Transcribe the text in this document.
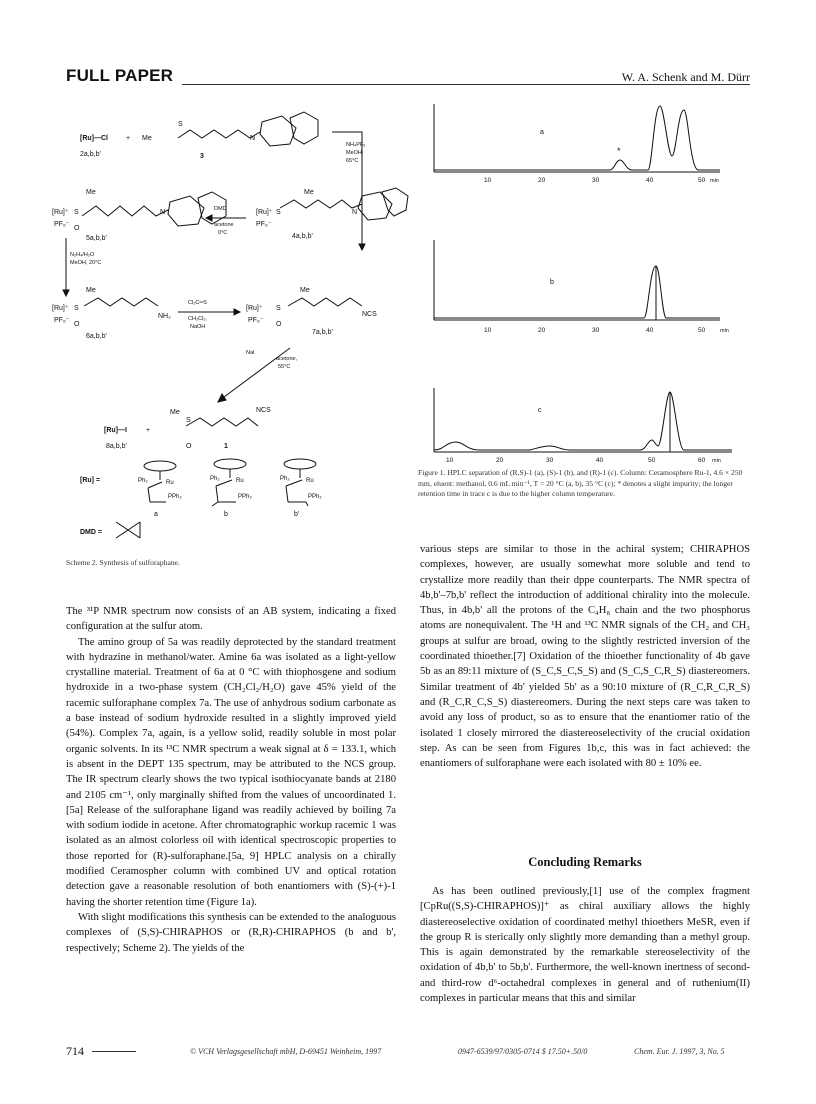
FULL PAPER	W. A. Schenk and M. Dürr
[Ru]—Cl	+ Me
S
N
2a,b,b'	3
NH₄PF₆
MeOH
65°C
Me
[Ru]⁺ S
PF₆⁻
O
N
5a,b,b'
DMD
acetone
0°C
Me
[Ru]⁺ S
PF₆⁻
N
4a,b,b'
N₂H₄/H₂O
MeOH, 20°C
Me
[Ru]⁺ S
PF₆⁻
O
NH₂
6a,b,b'
Cl₂C═S
CH₂Cl₂,
NaOH
Me
[Ru]⁺ S
PF₆⁻
O
NCS
7a,b,b'
NaI
acetone,
55°C
[Ru]—I	+
Me
S
O
NCS
8a,b,b'	1
[Ru] =	Ph₂	Ru
PPh₂
a
Ph₂	Ru
PPh₂
b
Ph₂	Ru
PPh₂
b'
DMD =
Scheme 2. Synthesis of sulforaphane.
a
*
10	20	30	40	50 min
b
10	20	30	40	50	min
c
10	20	30	40	50	60 min
Figure 1. HPLC separation of (R,S)-1 (a), (S)-1 (b), and (R)-1 (c). Column: Ceramosphere Ru-1, 4.6 × 250 mm, eluent: methanol, 0.6 mL min⁻¹, T = 20 °C (a, b), 35 °C (c); * denotes a slight impurity; the longer retention time in trace c is due to the higher column temperature.

The ³¹P NMR spectrum now consists of an AB system, indicating a fixed configuration at the sulfur atom.

The amino group of 5a was readily deprotected by the standard treatment with hydrazine in methanol/water. Amine 6a was isolated as a light-yellow crystalline material. Treatment of 6a at 0 °C with thiophosgene and sodium hydroxide in a two-phase system (CH₂Cl₂/H₂O) gave 45% yield of the racemic sulforaphane complex 7a. The use of anhydrous sodium carbonate as a base instead of sodium hydroxide resulted in a slightly improved yield (54%). Complex 7a, again, is a yellow solid, readily soluble in most polar organic solvents. In its ¹³C NMR spectrum a weak signal at δ = 133.1, which is absent in the DEPT 135 spectrum, may be attributed to the NCS group. The IR spectrum clearly shows the two typical isothiocyanate bands at 2180 and 2105 cm⁻¹, only marginally shifted from the values of uncoordinated 1.[5a] Release of the sulforaphane ligand was readily achieved by boiling 7a with sodium iodide in acetone. After chromatographic workup racemic 1 was isolated as an almost colorless oil with identical spectroscopic properties to those reported for (R)-sulforaphane.[5a, 9] HPLC analysis on a chirally modified Ceramospher column with combined UV and optical rotation detection gave a reasonable resolution of both enantiomers with (S)-(+)-1 having the shorter retention time (Figure 1a).

With slight modifications this synthesis can be extended to the analoguous complexes of (S,S)-CHIRAPHOS or (R,R)-CHIRAPHOS (b and b', respectively; Scheme 2). The yields of the

various steps are similar to those in the achiral system; CHIRAPHOS complexes, however, are usually somewhat more soluble and tend to crystallize more readily than their dppe counterparts. The NMR spectra of 4b,b'–7b,b' reflect the introduction of additional chirality into the molecule. Thus, in 4b,b' all the protons of the C₄H₈ chain and the two phosphorus atoms are nonequivalent. The ¹H and ¹³C NMR signals of the CH₂ and CH₃ groups at sulfur are broad, owing to the slightly restricted inversion of the coordinated thioether.[7] Oxidation of the thioether functionality of 4b gave 5b as an 89:11 mixture of (S_C,S_C,S_S) and (S_C,S_C,R_S) diastereomers. Similar treatment of 4b' yielded 5b' as a 90:10 mixture of (R_C,R_C,R_S) and (R_C,R_C,S_S) diastereomers. During the next steps care was taken to avoid any loss of product, so as to ensure that the enantiomer ratio of the isolated 1 closely mirrored the diastereoselectivity of the crucial oxidation step. As can be seen from Figures 1b,c, this was in fact achieved: the enantiomers of sulforaphane were each isolated with 80 ± 10% ee.

Concluding Remarks

As has been outlined previously,[1] use of the complex fragment [CpRu((S,S)-CHIRAPHOS)]⁺ as chiral auxiliary allows the highly diastereoselective oxidation of coordinated methyl thioethers MeSR, even if the group R is sterically only slightly more demanding than a methyl group. This is again demonstrated by the remarkable stereoselectivity of the oxidation of 4b,b' to 5b,b'. Furthermore, the well-known inertness of second- and third-row d⁶-octahedral complexes in general and of ruthenium(II) complexes in particular means that this and similar

714	© VCH Verlagsgesellschaft mbH, D-69451 Weinheim, 1997	0947-6539/97/0305-0714 $ 17.50+.50/0	Chem. Eur. J. 1997, 3, No. 5
